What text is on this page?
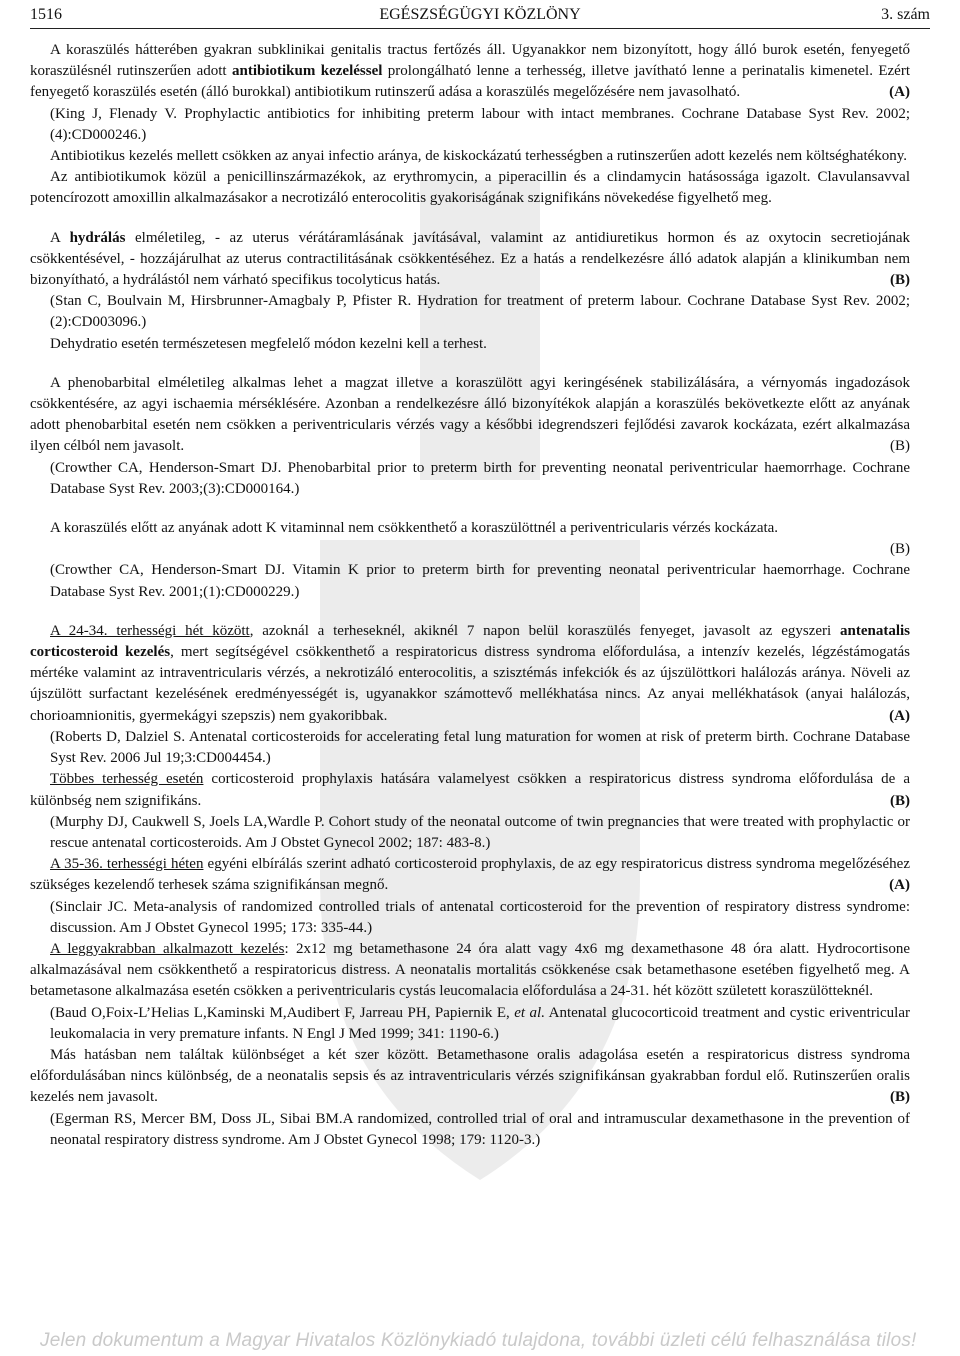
1516	EGÉSZSÉGÜGYI KÖZLÖNY	3. szám

A koraszülés hátterében gyakran subklinikai genitalis tractus fertőzés áll. Ugyanakkor nem bizonyított, hogy álló burok esetén, fenyegető koraszülésnél rutinszerűen adott antibiotikum kezeléssel prolongálható lenne a terhesség, illetve javítható lenne a perinatalis kimenetel. Ezért fenyegető koraszülés esetén (álló burokkal) antibiotikum rutinszerű adása a koraszülés megelőzésére nem javasolható.	(A)

(King J, Flenady V. Prophylactic antibiotics for inhibiting preterm labour with intact membranes. Cochrane Database Syst Rev. 2002;(4):CD000246.)

Antibiotikus kezelés mellett csökken az anyai infectio aránya, de kiskockázatú terhességben a rutinszerűen adott kezelés nem költséghatékony.

Az antibiotikumok közül a penicillinszármazékok, az erythromycin, a piperacillin és a clindamycin hatásossága igazolt. Clavulansavval potencírozott amoxillin alkalmazásakor a necrotizáló enterocolitis gyakoriságának szignifikáns növekedése figyelhető meg.

A hydrálás elméletileg, - az uterus vérátáramlásának javításával, valamint az antidiuretikus hormon és az oxytocin secretiojának csökkentésével, - hozzájárulhat az uterus contractilitásának csökkentéséhez. Ez a hatás a rendelkezésre álló adatok alapján a klinikumban nem bizonyítható, a hydrálástól nem várható specifikus tocolyticus hatás.	(B)

(Stan C, Boulvain M, Hirsbrunner-Amagbaly P, Pfister R. Hydration for treatment of preterm labour. Cochrane Database Syst Rev. 2002;(2):CD003096.)

Dehydratio esetén természetesen megfelelő módon kezelni kell a terhest.

A phenobarbital elméletileg alkalmas lehet a magzat illetve a koraszülött agyi keringésének stabilizálására, a vérnyomás ingadozások csökkentésére, az agyi ischaemia mérséklésére. Azonban a rendelkezésre álló bizonyítékok alapján a koraszülés bekövetkezte előtt az anyának adott phenobarbital esetén nem csökken a periventricularis vérzés vagy a későbbi idegrendszeri fejlődési zavarok kockázata, ezért alkalmazása ilyen célból nem javasolt.	(B)

(Crowther CA, Henderson-Smart DJ. Phenobarbital prior to preterm birth for preventing neonatal periventricular haemorrhage. Cochrane Database Syst Rev. 2003;(3):CD000164.)

A koraszülés előtt az anyának adott K vitaminnal nem csökkenthető a koraszülöttnél a periventricularis vérzés kockázata.

(B)

(Crowther CA, Henderson-Smart DJ. Vitamin K prior to preterm birth for preventing neonatal periventricular haemorrhage. Cochrane Database Syst Rev. 2001;(1):CD000229.)

A 24-34. terhességi hét között, azoknál a terheseknél, akiknél 7 napon belül koraszülés fenyeget, javasolt az egyszeri antenatalis corticosteroid kezelés, mert segítségével csökkenthető a respiratoricus distress syndroma előfordulása, a intenzív kezelés, légzéstámogatás mértéke valamint az intraventricularis vérzés, a nekrotizáló enterocolitis, a szisztémás infekciók és az újszülöttkori halálozás aránya. Növeli az újszülött surfactant kezelésének eredményességét is, ugyanakkor számottevő mellékhatása nincs. Az anyai mellékhatások (anyai halálozás, chorioamnionitis, gyermekágyi szepszis) nem gyakoribbak.	(A)

(Roberts D, Dalziel S. Antenatal corticosteroids for accelerating fetal lung maturation for women at risk of preterm birth. Cochrane Database Syst Rev. 2006 Jul 19;3:CD004454.)

Többes terhesség esetén corticosteroid prophylaxis hatására valamelyest csökken a respiratoricus distress syndroma előfordulása de a különbség nem szignifikáns.	(B)

(Murphy DJ, Caukwell S, Joels LA,Wardle P. Cohort study of the neonatal outcome of twin pregnancies that were treated with prophylactic or rescue antenatal corticosteroids. Am J Obstet Gynecol 2002; 187: 483-8.)

A 35-36. terhességi héten egyéni elbírálás szerint adható corticosteroid prophylaxis, de az egy respiratoricus distress syndroma megelőzéséhez szükséges kezelendő terhesek száma szignifikánsan megnő.	(A)

(Sinclair JC. Meta-analysis of randomized controlled trials of antenatal corticosteroid for the prevention of respiratory distress syndrome: discussion. Am J Obstet Gynecol 1995; 173: 335-44.)

A leggyakrabban alkalmazott kezelés: 2x12 mg betamethasone 24 óra alatt vagy 4x6 mg dexamethasone 48 óra alatt. Hydrocortisone alkalmazásával nem csökkenthető a respiratoricus distress. A neonatalis mortalitás csökkenése csak betamethasone esetében figyelhető meg. A betametasone alkalmazása esetén csökken a periventricularis cystás leucomalacia előfordulása a 24-31. hét között született koraszülötteknél.

(Baud O,Foix-L’Helias L,Kaminski M,Audibert F, Jarreau PH, Papiernik E, et al. Antenatal glucocorticoid treatment and cystic eriventricular leukomalacia in very premature infants. N Engl J Med 1999; 341: 1190-6.)

Más hatásban nem találtak különbséget a két szer között. Betamethasone oralis adagolása esetén a respiratoricus distress syndroma előfordulásában nincs különbség, de a neonatalis sepsis és az intraventricularis vérzés szignifikánsan gyakrabban fordul elő. Rutinszerűen oralis kezelés nem javasolt.	(B)

(Egerman RS, Mercer BM, Doss JL, Sibai BM.A randomized, controlled trial of oral and intramuscular dexamethasone in the prevention of neonatal respiratory distress syndrome. Am J Obstet Gynecol 1998; 179: 1120-3.)

Jelen dokumentum a Magyar Hivatalos Közlönykiadó tulajdona, további üzleti célú felhasználása tilos!
